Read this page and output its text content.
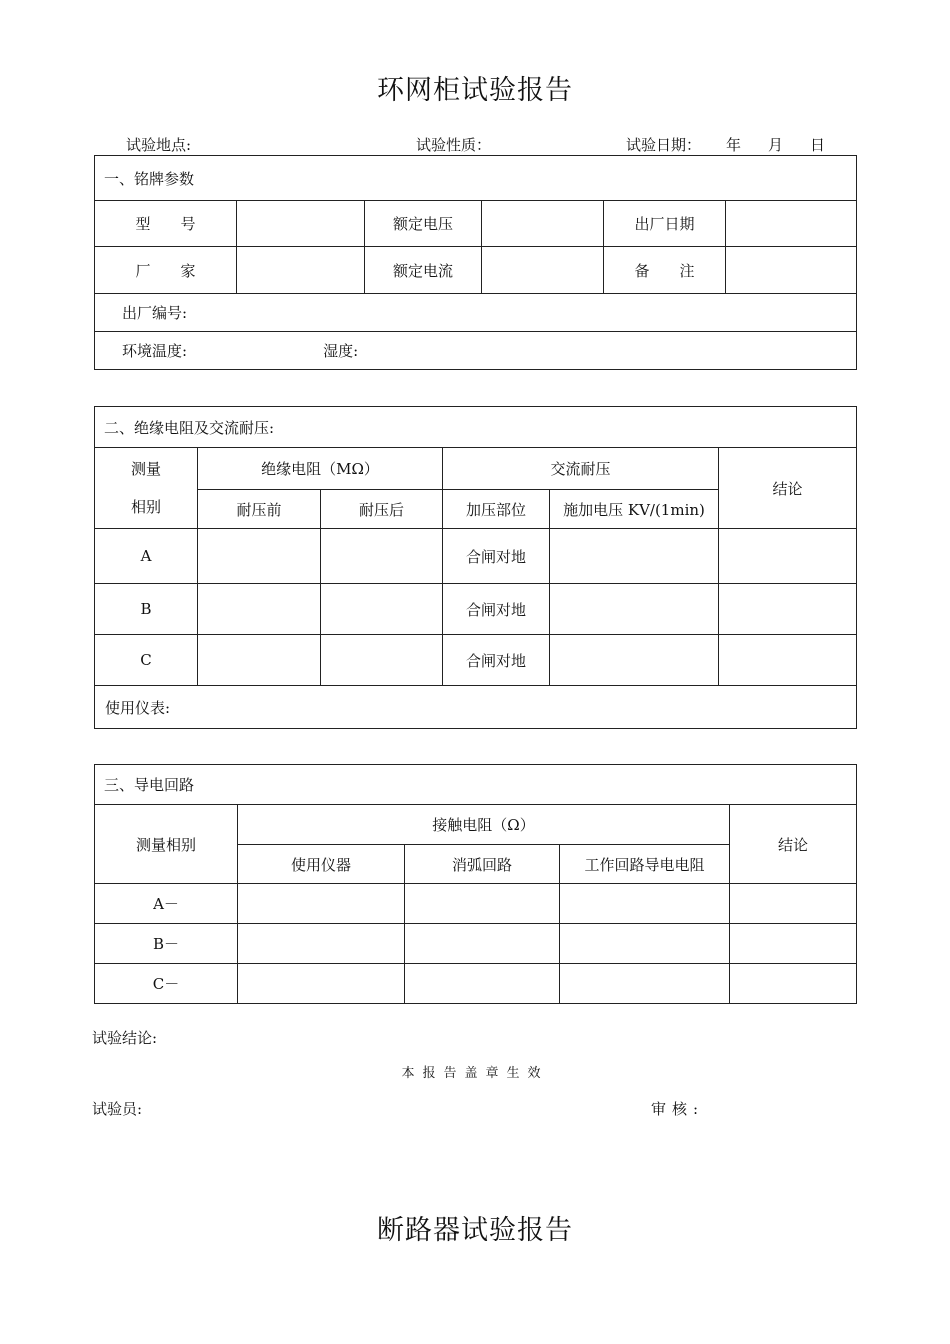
环网柜试验报告
试验地点:	试验性质：	试验日期： 年 月 日
一、铭牌参数					
型　　号		额定电压		出厂日期	
厂　　家		额定电流		备　　注	
出厂编号:					
环境温度: 湿度:					
二、绝缘电阻及交流耐压:					

测量
相别	绝缘电阻（MΩ）		交流耐压		结论
	耐压前	耐压后	加压部位	施加电压 KV/(1min)	
A			合闸对地		
B			合闸对地		
C			合闸对地		
使用仪表:					
三、导电回路				
测量相别	接触电阻（Ω）			结论
	使用仪器	消弧回路	工作回路导电电阻	
A－				
B－				
C－				
试验结论:
本报告盖章生效
试验员:	审核:
断路器试验报告
